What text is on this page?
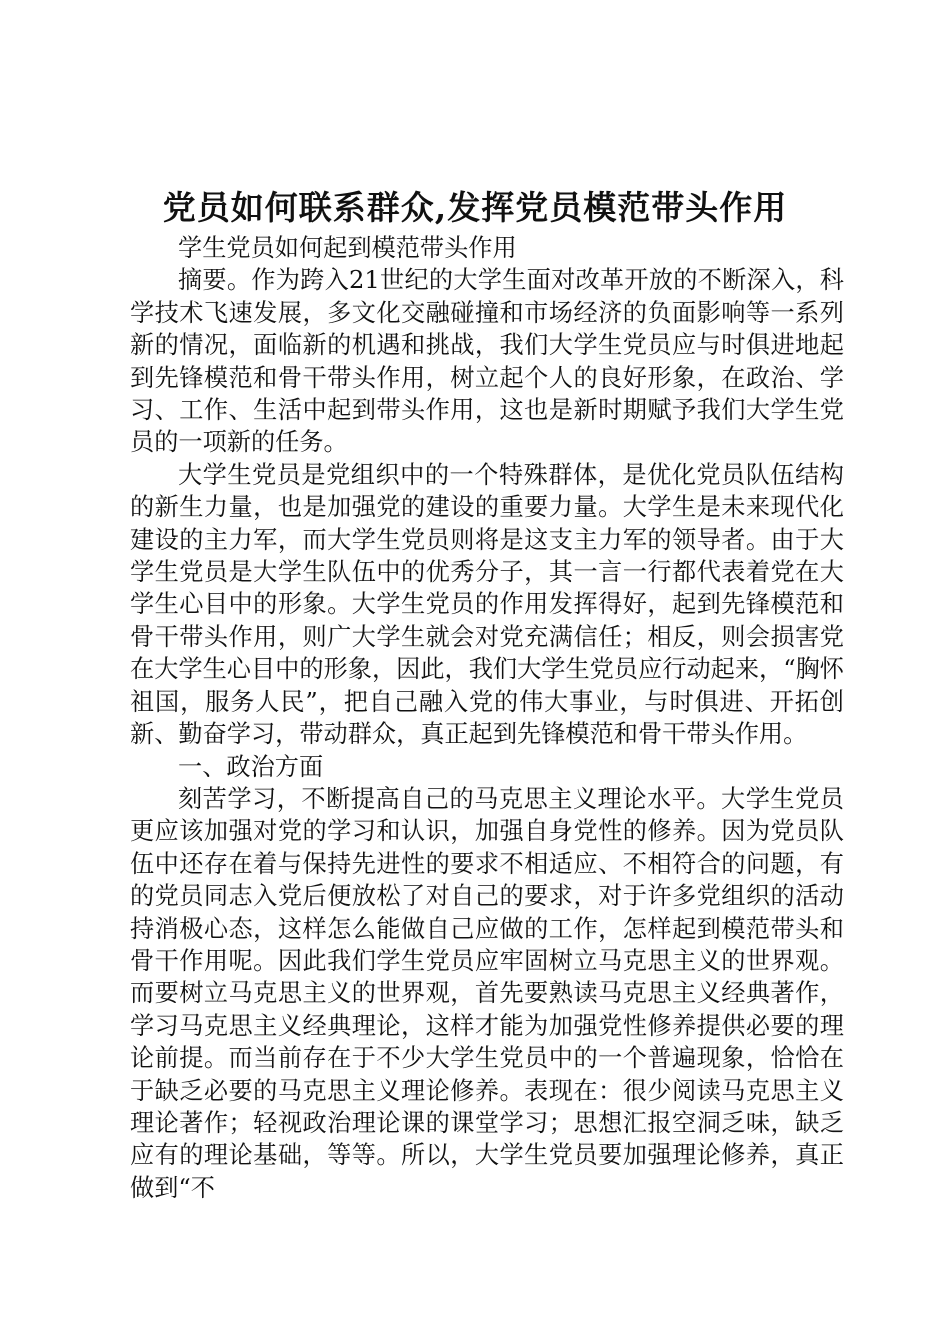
党员如何联系群众,发挥党员模范带头作用

学生党员如何起到模范带头作用

摘要。作为跨入21世纪的大学生面对改革开放的不断深入，科学技术飞速发展，多文化交融碰撞和市场经济的负面影响等一系列新的情况，面临新的机遇和挑战，我们大学生党员应与时俱进地起到先锋模范和骨干带头作用，树立起个人的良好形象，在政治、学习、工作、生活中起到带头作用，这也是新时期赋予我们大学生党员的一项新的任务。

大学生党员是党组织中的一个特殊群体，是优化党员队伍结构的新生力量，也是加强党的建设的重要力量。大学生是未来现代化建设的主力军，而大学生党员则将是这支主力军的领导者。由于大学生党员是大学生队伍中的优秀分子，其一言一行都代表着党在大学生心目中的形象。大学生党员的作用发挥得好，起到先锋模范和骨干带头作用，则广大学生就会对党充满信任；相反，则会损害党在大学生心目中的形象，因此，我们大学生党员应行动起来，“胸怀祖国，服务人民”，把自己融入党的伟大事业，与时俱进、开拓创新、勤奋学习，带动群众，真正起到先锋模范和骨干带头作用。

一、政治方面

刻苦学习，不断提高自己的马克思主义理论水平。大学生党员更应该加强对党的学习和认识，加强自身党性的修养。因为党员队伍中还存在着与保持先进性的要求不相适应、不相符合的问题，有的党员同志入党后便放松了对自己的要求，对于许多党组织的活动持消极心态，这样怎么能做自己应做的工作，怎样起到模范带头和骨干作用呢。因此我们学生党员应牢固树立马克思主义的世界观。而要树立马克思主义的世界观，首先要熟读马克思主义经典著作，学习马克思主义经典理论，这样才能为加强党性修养提供必要的理论前提。而当前存在于不少大学生党员中的一个普遍现象，恰恰在于缺乏必要的马克思主义理论修养。表现在：很少阅读马克思主义理论著作；轻视政治理论课的课堂学习；思想汇报空洞乏味，缺乏应有的理论基础，等等。所以，大学生党员要加强理论修养，真正做到“不
